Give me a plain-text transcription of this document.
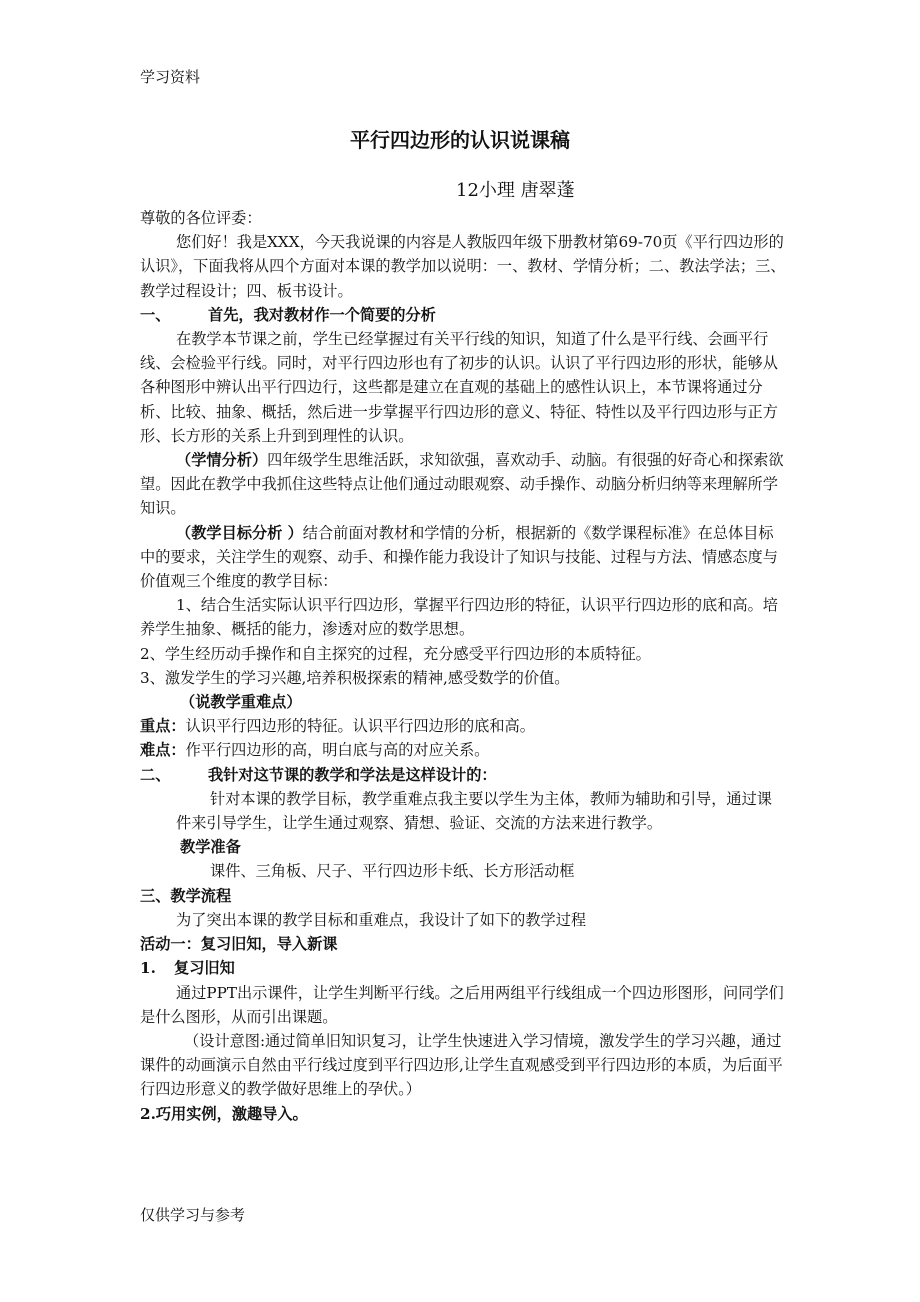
学习资料
平行四边形的认识说课稿
12小理 唐翠蓬

尊敬的各位评委：

您们好！我是XXX，今天我说课的内容是人教版四年级下册教材第69-70页《平行四边形的认识》，下面我将从四个方面对本课的教学加以说明：一、教材、学情分析；二、教法学法；三、教学过程设计；四、板书设计。

一、 首先，我对教材作一个简要的分析

在教学本节课之前，学生已经掌握过有关平行线的知识，知道了什么是平行线、会画平行线、会检验平行线。同时，对平行四边形也有了初步的认识。认识了平行四边形的形状，能够从各种图形中辨认出平行四边行，这些都是建立在直观的基础上的感性认识上，本节课将通过分析、比较、抽象、概括，然后进一步掌握平行四边形的意义、特征、特性以及平行四边形与正方形、长方形的关系上升到到理性的认识。

（学情分析）四年级学生思维活跃，求知欲强，喜欢动手、动脑。有很强的好奇心和探索欲望。因此在教学中我抓住这些特点让他们通过动眼观察、动手操作、动脑分析归纳等来理解所学知识。

（教学目标分析 ）结合前面对教材和学情的分析，根据新的《数学课程标准》在总体目标中的要求，关注学生的观察、动手、和操作能力我设计了知识与技能、过程与方法、情感态度与价值观三个维度的教学目标：

1、结合生活实际认识平行四边形，掌握平行四边形的特征，认识平行四边形的底和高。培养学生抽象、概括的能力，渗透对应的数学思想。

2、学生经历动手操作和自主探究的过程，充分感受平行四边形的本质特征。

3、激发学生的学习兴趣,培养积极探索的精神,感受数学的价值。

（说教学重难点）

重点：认识平行四边形的特征。认识平行四边形的底和高。

难点：作平行四边形的高，明白底与高的对应关系。

二、 我针对这节课的教学和学法是这样设计的：

针对本课的教学目标，教学重难点我主要以学生为主体，教师为辅助和引导，通过课件来引导学生，让学生通过观察、猜想、验证、交流的方法来进行教学。

教学准备

课件、三角板、尺子、平行四边形卡纸、长方形活动框

三、教学流程

为了突出本课的教学目标和重难点，我设计了如下的教学过程

活动一：复习旧知，导入新课

1. 复习旧知

通过PPT出示课件，让学生判断平行线。之后用两组平行线组成一个四边形图形，问同学们是什么图形，从而引出课题。

（设计意图:通过简单旧知识复习，让学生快速进入学习情境，激发学生的学习兴趣，通过课件的动画演示自然由平行线过度到平行四边形,让学生直观感受到平行四边形的本质，为后面平行四边形意义的教学做好思维上的孕伏。）

2.巧用实例，激趣导入。

仅供学习与参考
